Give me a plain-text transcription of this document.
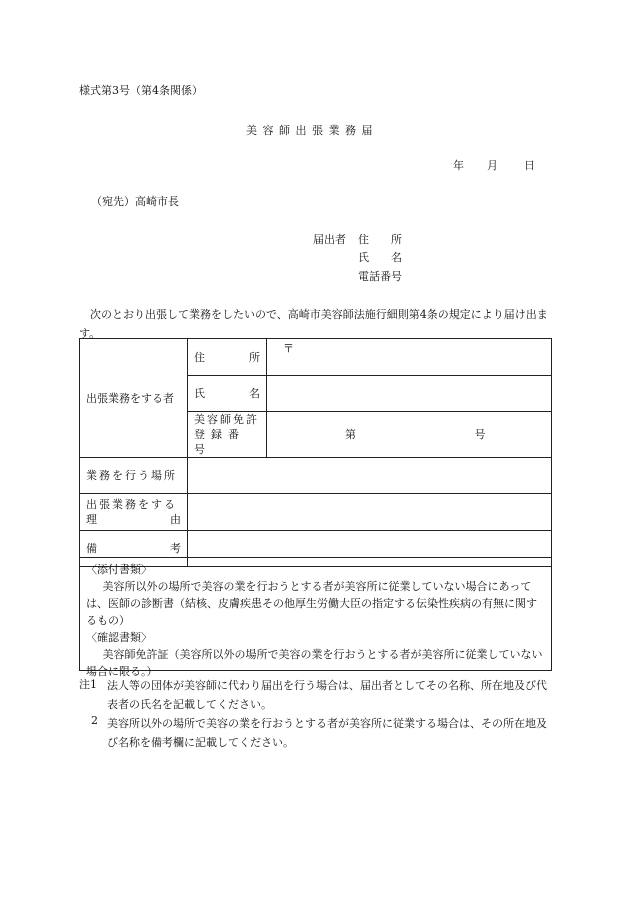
様式第3号（第4条関係）
美 容 師 出 張 業 務 届
年 月 日
（宛先）高崎市長
届出者 住　　所
氏　　名
電話番号
次のとおり出張して業務をしたいので、高崎市美容師法施行細則第4条の規定により届け出ます。
出張業務をする者	住 所	〒

	氏 名	

	美容師免許
登録番号	第 号
業務を行う場所		

出張業務をする
理 由		

備 考		

〈添付書類〉
美容所以外の場所で美容の業を行おうとする者が美容所に従業していない場合にあっては、医師の診断書（結核、皮膚疾患その他厚生労働大臣の指定する伝染性疾病の有無に関するもの）
〈確認書類〉
美容師免許証（美容所以外の場所で美容の業を行おうとする者が美容所に従業していない場合に限る。）
注1 法人等の団体が美容師に代わり届出を行う場合は、届出者としてその名称、所在地及び代表者の氏名を記載してください。
2 美容所以外の場所で美容の業を行おうとする者が美容所に従業する場合は、その所在地及び名称を備考欄に記載してください。
